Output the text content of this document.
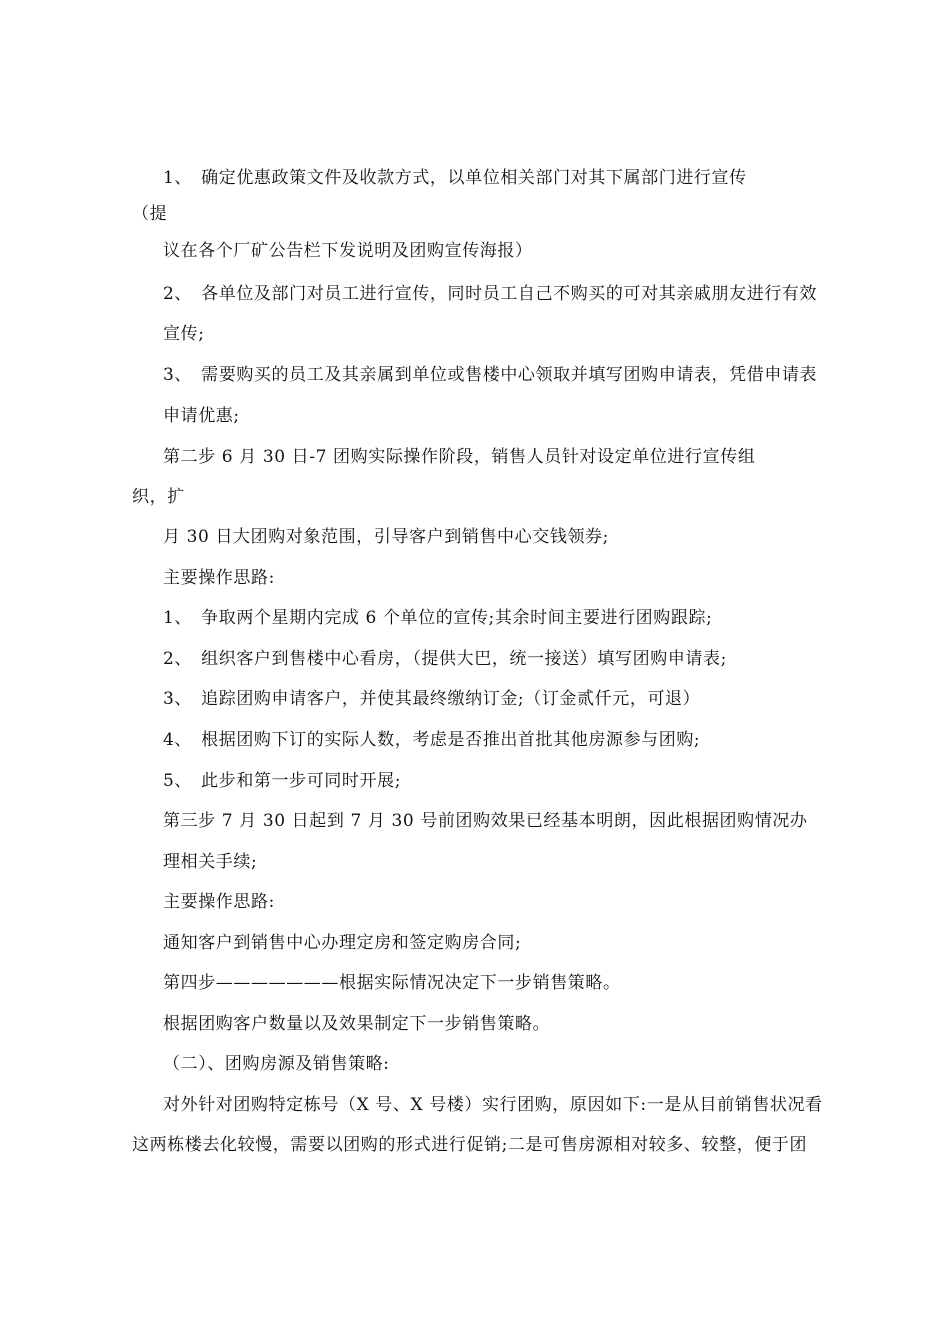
1、　确定优惠政策文件及收款方式，以单位相关部门对其下属部门进行宣传
（提
议在各个厂矿公告栏下发说明及团购宣传海报）
2、　各单位及部门对员工进行宣传，同时员工自己不购买的可对其亲戚朋友进行有效
宣传;
3、　需要购买的员工及其亲属到单位或售楼中心领取并填写团购申请表，凭借申请表
申请优惠;
第二步 6 月 30 日-7 团购实际操作阶段，销售人员针对设定单位进行宣传组
织，扩
月 30 日大团购对象范围，引导客户到销售中心交钱领券;
主要操作思路:
1、　争取两个星期内完成 6 个单位的宣传;其余时间主要进行团购跟踪;
2、　组织客户到售楼中心看房，（提供大巴，统一接送）填写团购申请表;
3、　追踪团购申请客户，并使其最终缴纳订金;（订金贰仟元，可退）
4、　根据团购下订的实际人数，考虑是否推出首批其他房源参与团购;
5、　此步和第一步可同时开展;
第三步 7 月 30 日起到 7 月 30 号前团购效果已经基本明朗，因此根据团购情况办
理相关手续;
主要操作思路:
通知客户到销售中心办理定房和签定购房合同;
第四步———————根据实际情况决定下一步销售策略。
根据团购客户数量以及效果制定下一步销售策略。
（二）、团购房源及销售策略:
对外针对团购特定栋号（X 号、X 号楼）实行团购，原因如下:一是从目前销售状况看
这两栋楼去化较慢，需要以团购的形式进行促销;二是可售房源相对较多、较整，便于团
